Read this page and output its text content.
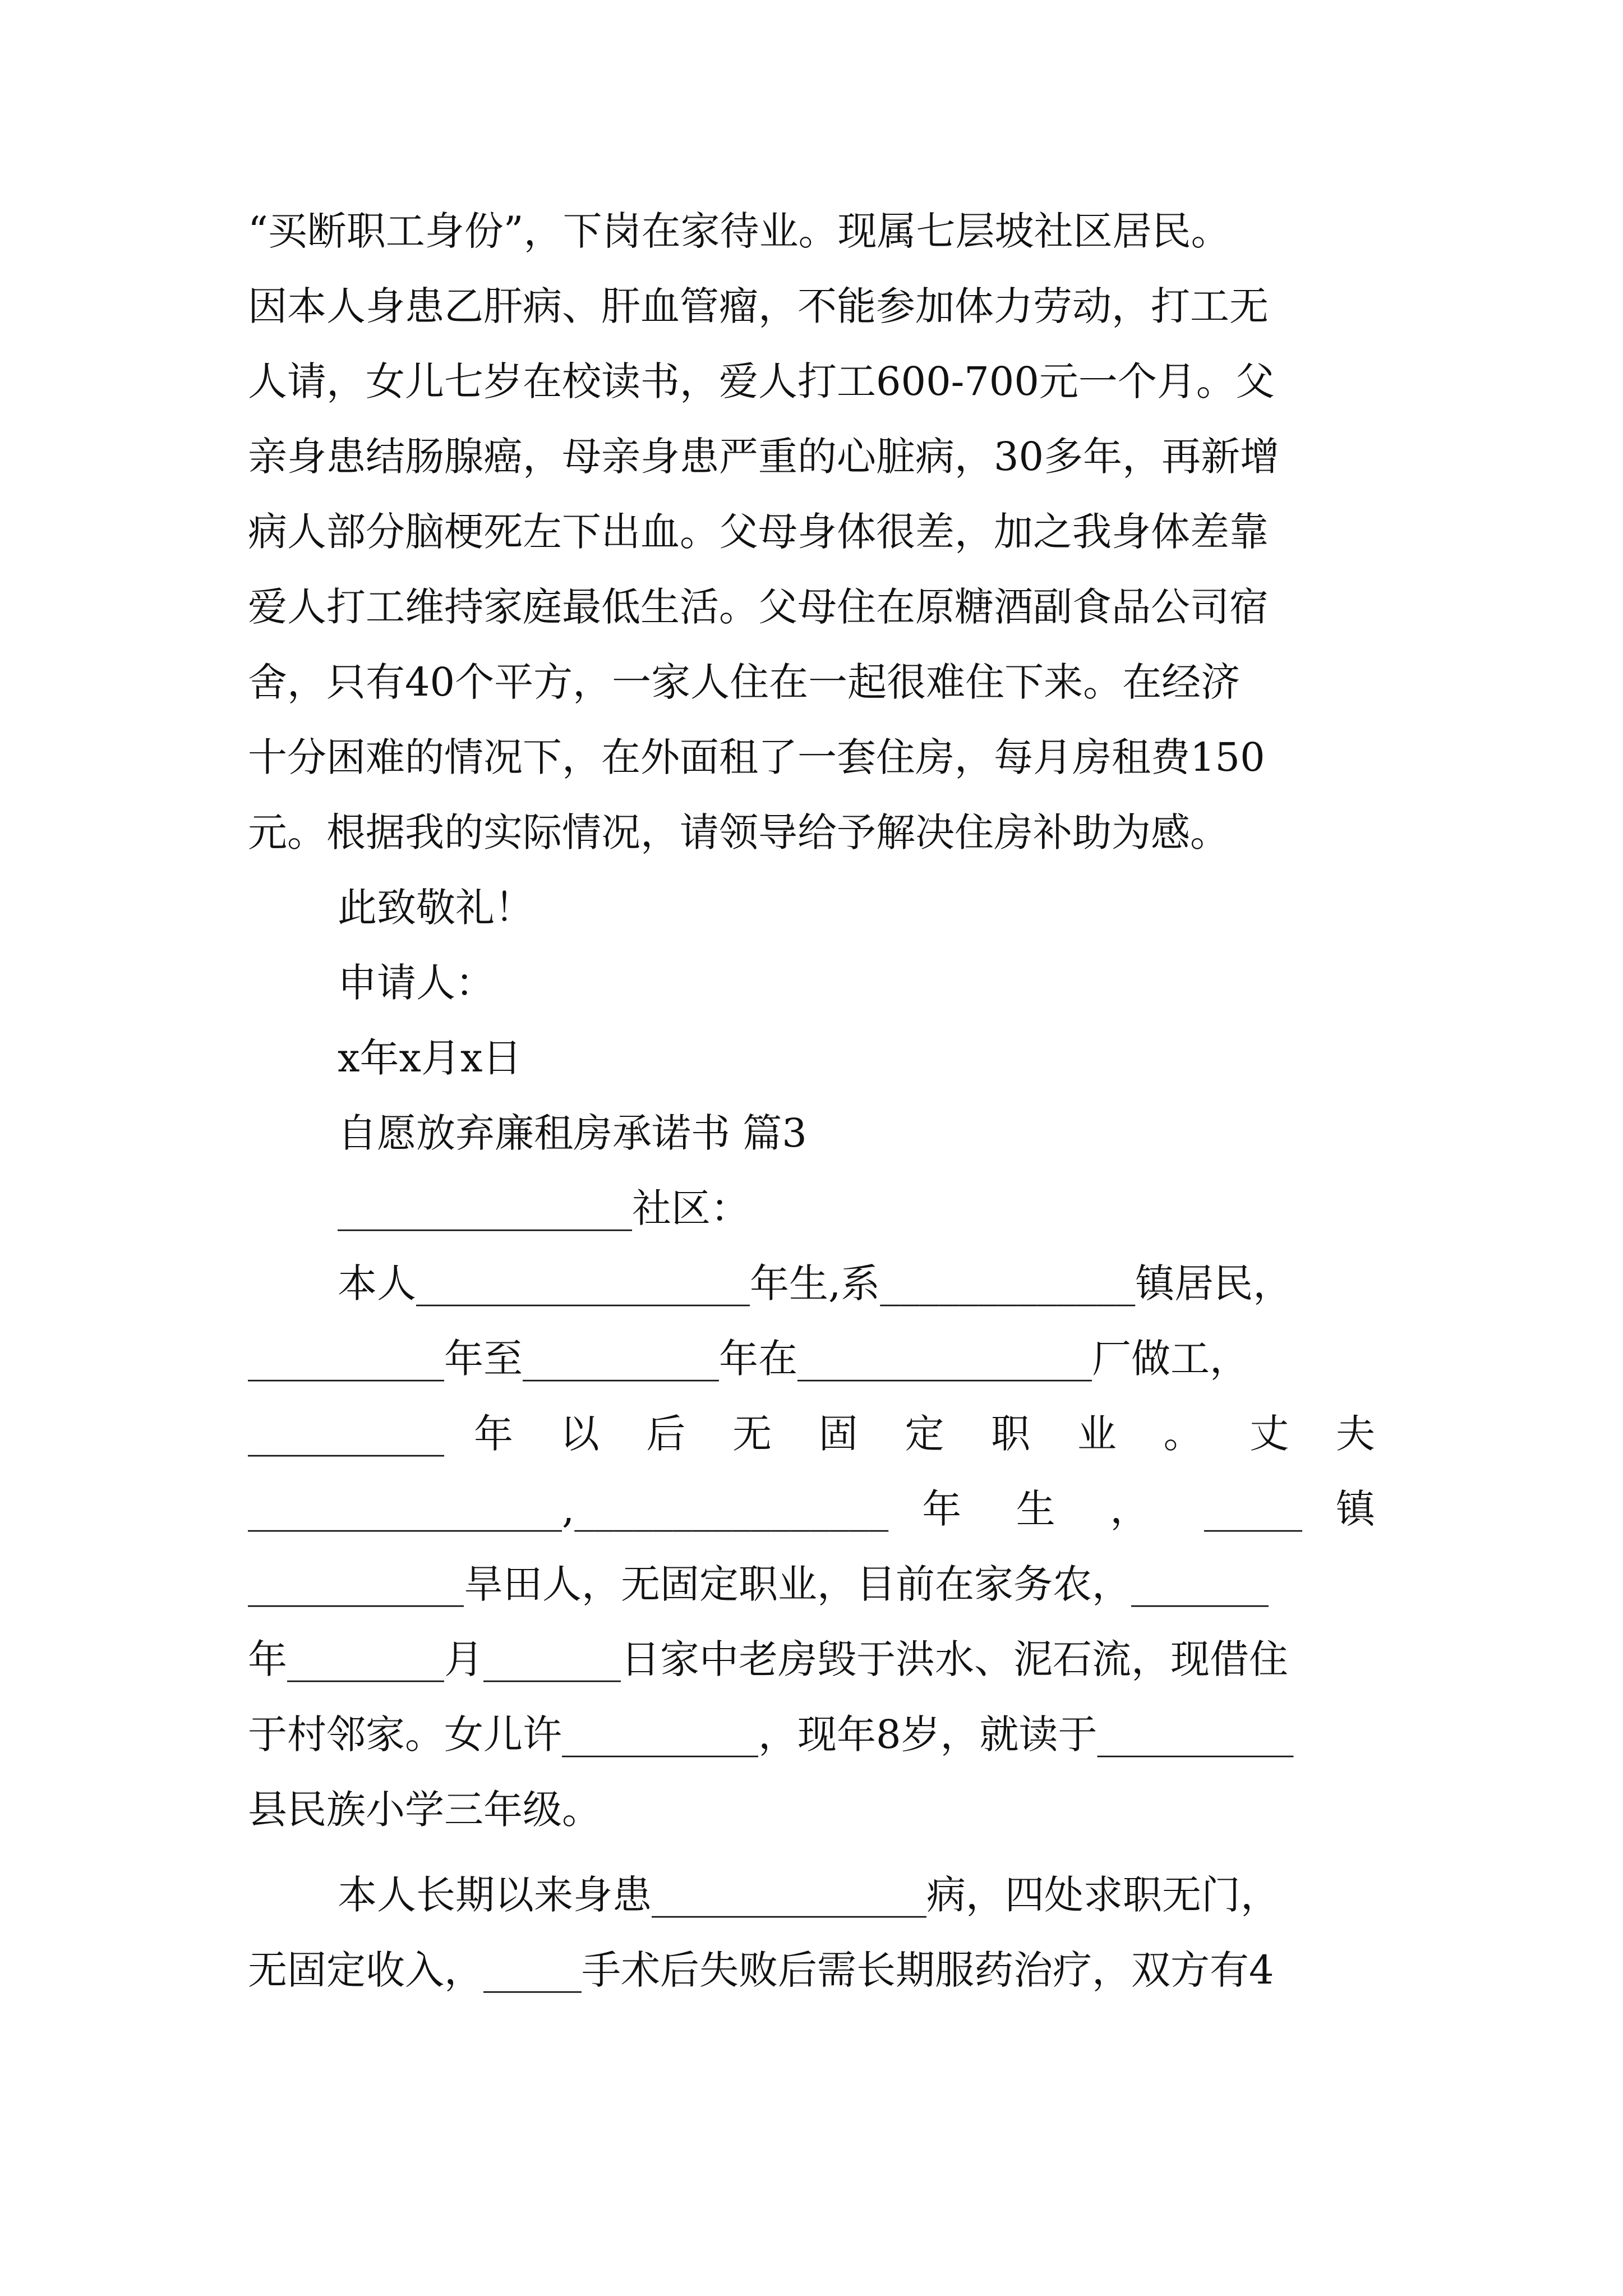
“买断职工身份”，下岗在家待业。现属七层坡社区居民。
因本人身患乙肝病、肝血管瘤，不能参加体力劳动，打工无
人请，女儿七岁在校读书，爱人打工600-700元一个月。父
亲身患结肠腺癌，母亲身患严重的心脏病，30多年，再新增
病人部分脑梗死左下出血。父母身体很差，加之我身体差靠
爱人打工维持家庭最低生活。父母住在原糖酒副食品公司宿
舍，只有40个平方，一家人住在一起很难住下来。在经济
十分困难的情况下，在外面租了一套住房，每月房租费150
元。根据我的实际情况，请领导给予解决住房补助为感。
此致敬礼！
申请人：
x年x月x日
自愿放弃廉租房承诺书 篇3
_______________社区：
本人_________________年生,系_____________镇居民，
__________年至__________年在_______________厂做工，
__________ 年 以 后 无 固 定 职 业 。 丈 夫
________________,________________ 年 生 ， _____ 镇
___________旱田人，无固定职业，目前在家务农，_______
年________月_______日家中老房毁于洪水、泥石流，现借住
于村邻家。女儿许__________，现年8岁，就读于__________
县民族小学三年级。
本人长期以来身患______________病，四处求职无门，
无固定收入，_____手术后失败后需长期服药治疗，双方有4
